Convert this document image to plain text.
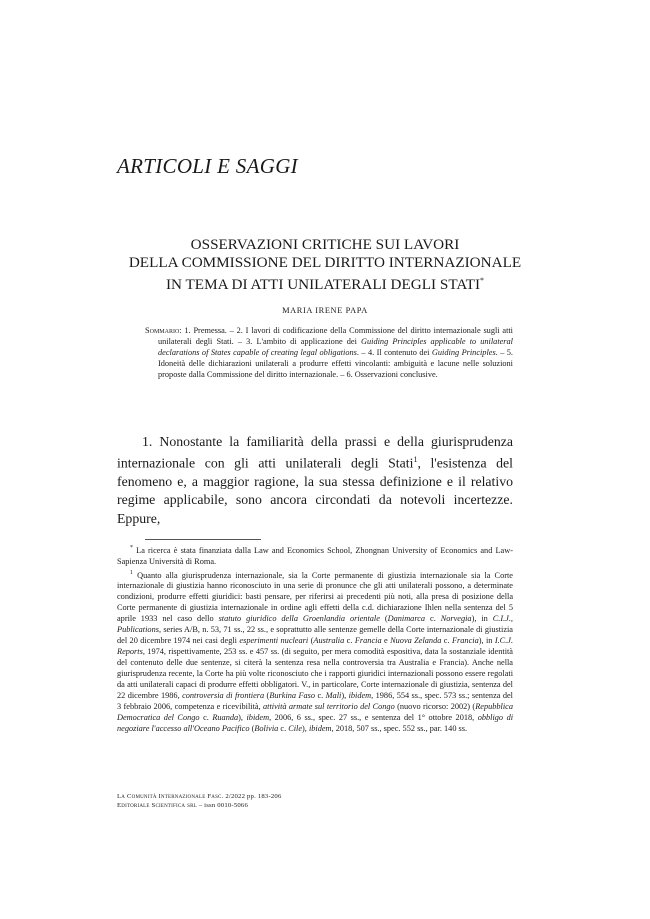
ARTICOLI E SAGGI
OSSERVAZIONI CRITICHE SUI LAVORI
DELLA COMMISSIONE DEL DIRITTO INTERNAZIONALE
IN TEMA DI ATTI UNILATERALI DEGLI STATI*
MARIA IRENE PAPA
Sommario: 1. Premessa. – 2. I lavori di codificazione della Commissione del diritto internazionale sugli atti unilaterali degli Stati. – 3. L'ambito di applicazione dei Guiding Principles applicable to unilateral declarations of States capable of creating legal obligations. – 4. Il contenuto dei Guiding Principles. – 5. Idoneità delle dichiarazioni unilaterali a produrre effetti vincolanti: ambiguità e lacune nelle soluzioni proposte dalla Commissione del diritto internazionale. – 6. Osservazioni conclusive.
1. Nonostante la familiarità della prassi e della giurisprudenza internazionale con gli atti unilaterali degli Stati$^1$, l'esistenza del fenomeno e, a maggior ragione, la sua stessa definizione e il relativo regime applicabile, sono ancora circondati da notevoli incertezze. Eppure,

* La ricerca è stata finanziata dalla Law and Economics School, Zhongnan University of Economics and Law-Sapienza Università di Roma.

$^1$ Quanto alla giurisprudenza internazionale, sia la Corte permanente di giustizia internazionale sia la Corte internazionale di giustizia hanno riconosciuto in una serie di pronunce che gli atti unilaterali possono, a determinate condizioni, produrre effetti giuridici: basti pensare, per riferirsi ai precedenti più noti, alla presa di posizione della Corte permanente di giustizia internazionale in ordine agli effetti della c.d. dichiarazione Ihlen nella sentenza del 5 aprile 1933 nel caso dello statuto giuridico della Groenlandia orientale (Danimarca c. Norvegia), in C.I.J., Publications, series A/B, n. 53, 71 ss., 22 ss., e soprattutto alle sentenze gemelle della Corte internazionale di giustizia del 20 dicembre 1974 nei casi degli esperimenti nucleari (Australia c. Francia e Nuova Zelanda c. Francia), in I.C.J. Reports, 1974, rispettivamente, 253 ss. e 457 ss. (di seguito, per mera comodità espositiva, data la sostanziale identità del contenuto delle due sentenze, si citerà la sentenza resa nella controversia tra Australia e Francia). Anche nella giurisprudenza recente, la Corte ha più volte riconosciuto che i rapporti giuridici internazionali possono essere regolati da atti unilaterali capaci di produrre effetti obbligatori. V., in particolare, Corte internazionale di giustizia, sentenza del 22 dicembre 1986, controversia di frontiera (Burkina Faso c. Mali), ibidem, 1986, 554 ss., spec. 573 ss.; sentenza del 3 febbraio 2006, competenza e ricevibilità, attività armate sul territorio del Congo (nuovo ricorso: 2002) (Repubblica Democratica del Congo c. Ruanda), ibidem, 2006, 6 ss., spec. 27 ss., e sentenza del 1° ottobre 2018, obbligo di negoziare l'accesso all'Oceano Pacifico (Bolivia c. Cile), ibidem, 2018, 507 ss., spec. 552 ss., par. 140 ss.

La Comunità Internazionale Fasc. 2/2022 pp. 183-206
Editoriale Scientifica srl – issn 0010-5066
